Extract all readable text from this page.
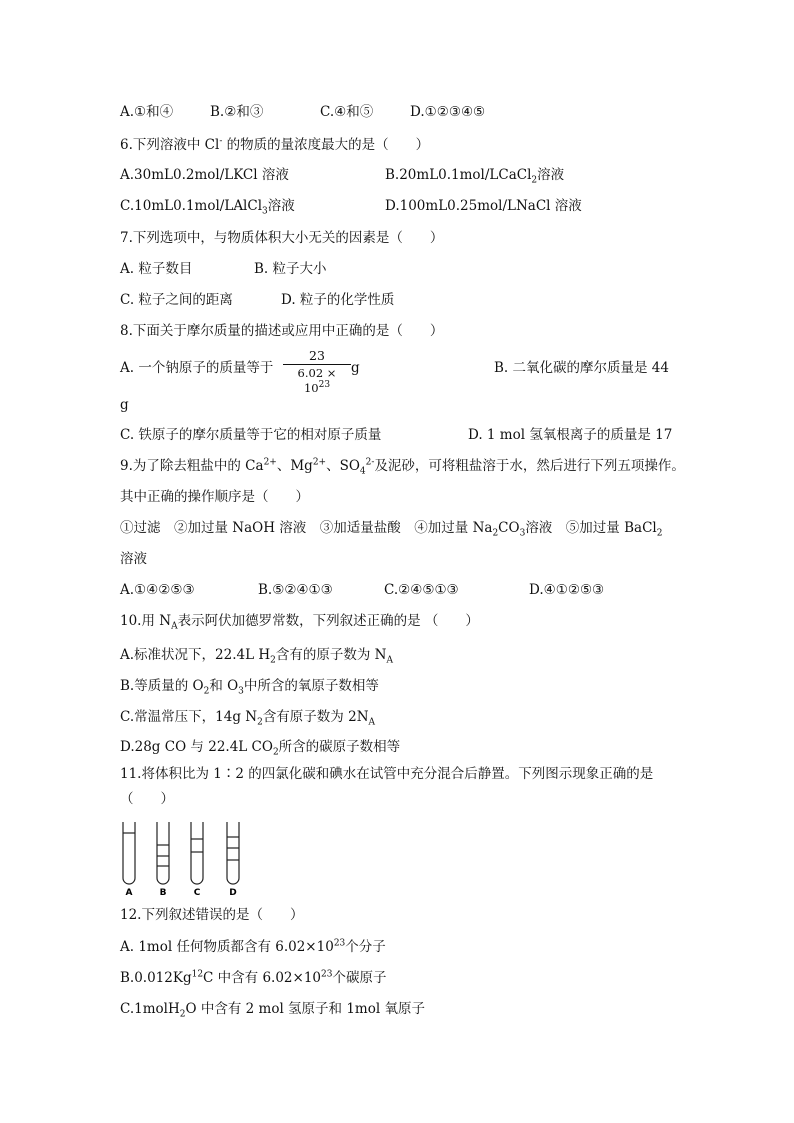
A.①和④	B.②和③	C.④和⑤	D.①②③④⑤
6.下列溶液中 Cl- 的物质的量浓度最大的是（　　）
A.30mL0.2mol/LKCl 溶液	B.20mL0.1mol/LCaCl$_2$溶液
C.10mL0.1mol/LAlCl$_3$溶液	D.100mL0.25mol/LNaCl 溶液
7.下列选项中，与物质体积大小无关的因素是（　　）
A. 粒子数目	B. 粒子大小
C. 粒子之间的距离	D. 粒子的化学性质
8.下面关于摩尔质量的描述或应用中正确的是（　　）
A. 一个钠原子的质量等于
23
$6.02 \times 10^{23}$
g	B. 二氧化碳的摩尔质量是 44
g
C. 铁原子的摩尔质量等于它的相对原子质量	D. 1 mol 氢氧根离子的质量是 17
9.为了除去粗盐中的 $Ca^{2+}$、$Mg^{2+}$、$SO_4^{2-}$及泥砂，可将粗盐溶于水，然后进行下列五项操作。
其中正确的操作顺序是（　　）
①过滤　②加过量 NaOH 溶液　③加适量盐酸　④加过量 $Na_2CO_3$溶液　⑤加过量 BaCl$_2$
溶液
A.①④②⑤③	B.⑤②④①③	C.②④⑤①③	D.④①②⑤③
10.用 $N_A$表示阿伏加德罗常数，下列叙述正确的是 （　　）
A.标准状况下，22.4L $H_2$含有的原子数为 $N_A$
B.等质量的 $O_2$和 $O_3$中所含的氧原子数相等
C.常温常压下，14g $N_2$含有原子数为 $2N_A$
D.28g CO 与 22.4L $CO_2$所含的碳原子数相等
11.将体积比为 1∶2 的四氯化碳和碘水在试管中充分混合后静置。下列图示现象正确的是
（　　）
A	B	C	D
12.下列叙述错误的是（　　）
A. 1mol 任何物质都含有 $6.02\times 10^{23}$个分子
B.0.012Kg$^{12}$C 中含有 $6.02\times 10^{23}$个碳原子
C.1molH$_2$O 中含有 2 mol 氢原子和 1mol 氧原子
